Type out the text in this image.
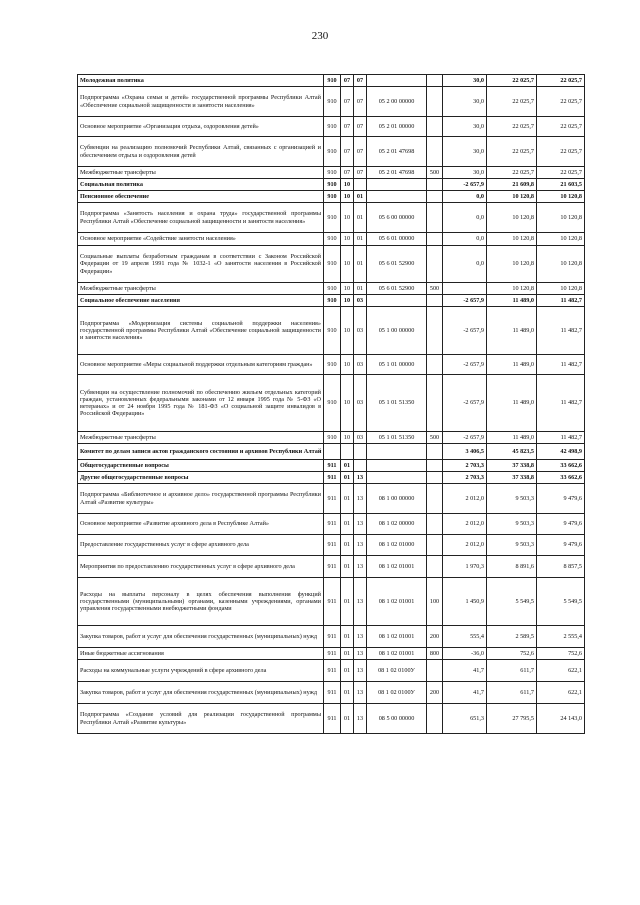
230
Молодежная политика	910	07	07			30,0	22 025,7	22 025,7
Подпрограмма «Охрана семьи и детей» государственной программы Республики Алтай «Обеспечение социальной защищенности и занятости населения»	910	07	07	05 2 00 00000		30,0	22 025,7	22 025,7
Основное мероприятие «Организация отдыха, оздоровления детей»	910	07	07	05 2 01 00000		30,0	22 025,7	22 025,7
Субвенции на реализацию полномочий Республики Алтай, связанных с организацией и обеспечением отдыха и оздоровления детей	910	07	07	05 2 01 47698		30,0	22 025,7	22 025,7
Межбюджетные трансферты	910	07	07	05 2 01 47698	500	30,0	22 025,7	22 025,7
Социальная политика	910	10				-2 657,9	21 609,8	21 603,5
Пенсионное обеспечение	910	10	01			0,0	10 120,8	10 120,8
Подпрограмма «Занятость населения и охрана труда» государственной программы Республики Алтай «Обеспечение социальной защищенности и занятости населения»	910	10	01	05 6 00 00000		0,0	10 120,8	10 120,8
Основное мероприятие «Содействие занятости населения»	910	10	01	05 6 01 00000		0,0	10 120,8	10 120,8
Социальные выплаты безработным гражданам в соответствии с Законом Российской Федерации от 19 апреля 1991 года № 1032-1 «О занятости населения в Российской Федерации»	910	10	01	05 6 01 52900		0,0	10 120,8	10 120,8
Межбюджетные трансферты	910	10	01	05 6 01 52900	500		10 120,8	10 120,8
Социальное обеспечение населения	910	10	03			-2 657,9	11 489,0	11 482,7
Подпрограмма «Модернизация системы социальной поддержки населения» государственной программы Республики Алтай «Обеспечение социальной защищенности и занятости населения»	910	10	03	05 1 00 00000		-2 657,9	11 489,0	11 482,7
Основное мероприятие «Меры социальной поддержки отдельным категориям граждан»	910	10	03	05 1 01 00000		-2 657,9	11 489,0	11 482,7
Субвенции на осуществление полномочий по обеспечению жильем отдельных категорий граждан, установленных федеральными законами от 12 января 1995 года № 5-ФЗ «О ветеранах» и от 24 ноября 1995 года № 181-ФЗ «О социальной защите инвалидов в Российской Федерации»	910	10	03	05 1 01 51350		-2 657,9	11 489,0	11 482,7
Межбюджетные трансферты	910	10	03	05 1 01 51350	500	-2 657,9	11 489,0	11 482,7
Комитет по делам записи актов гражданского состояния и архивов Республики Алтай						3 406,5	45 823,5	42 498,9
Общегосударственные вопросы	911	01				2 703,3	37 338,8	33 662,6
Другие общегосударственные вопросы	911	01	13			2 703,3	37 338,8	33 662,6
Подпрограмма «Библиотечное и архивное дело» государственной программы Республики Алтай «Развитие культуры»	911	01	13	08 1 00 00000		2 012,0	9 503,3	9 479,6
Основное мероприятие «Развитие архивного дела в Республике Алтай»	911	01	13	08 1 02 00000		2 012,0	9 503,3	9 479,6
Предоставление государственных услуг в сфере архивного дела	911	01	13	08 1 02 01000		2 012,0	9 503,3	9 479,6
Мероприятия по предоставлению государственных услуг в сфере архивного дела	911	01	13	08 1 02 01001		1 970,3	8 891,6	8 857,5
Расходы на выплаты персоналу в целях обеспечения выполнения функций государственными (муниципальными) органами, казенными учреждениями, органами управления государственными внебюджетными фондами	911	01	13	08 1 02 01001	100	1 450,9	5 549,5	5 549,5
Закупка товаров, работ и услуг для обеспечения государственных (муниципальных) нужд	911	01	13	08 1 02 01001	200	555,4	2 589,5	2 555,4
Иные бюджетные ассигнования	911	01	13	08 1 02 01001	800	-36,0	752,6	752,6
Расходы на коммунальные услуги учреждений в сфере архивного дела	911	01	13	08 1 02 0100У		41,7	611,7	622,1
Закупка товаров, работ и услуг для обеспечения государственных (муниципальных) нужд	911	01	13	08 1 02 0100У	200	41,7	611,7	622,1
Подпрограмма «Создание условий для реализации государственной программы Республики Алтай «Развитие культуры»	911	01	13	08 5 00 00000		651,3	27 795,5	24 143,0
